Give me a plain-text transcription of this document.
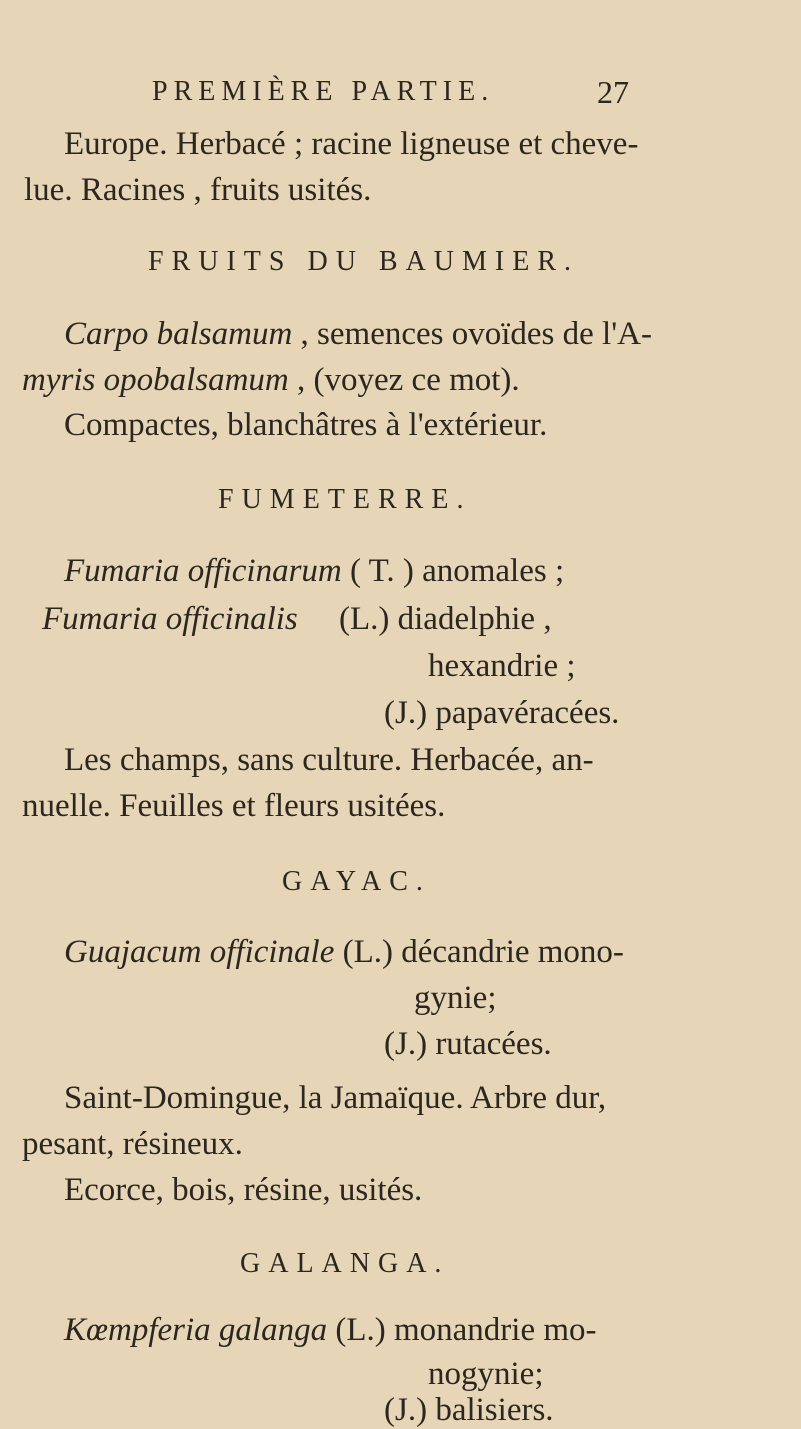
PREMIÈRE PARTIE.	27
Europe. Herbacé ; racine ligneuse et cheve-
lue. Racines , fruits usités.
FRUITS DU BAUMIER.
Carpo balsamum , semences ovoïdes de l'A-
myris opobalsamum , (voyez ce mot).
Compactes, blanchâtres à l'extérieur.
FUMETERRE.
Fumaria officinarum ( T. ) anomales ;
Fumaria officinalis (L.) diadelphie ,
hexandrie ;
(J.) papavéracées.
Les champs, sans culture. Herbacée, an-
nuelle. Feuilles et fleurs usitées.
GAYAC.
Guajacum officinale (L.) décandrie mono-
gynie;
(J.) rutacées.
Saint-Domingue, la Jamaïque. Arbre dur,
pesant, résineux.
Ecorce, bois, résine, usités.
GALANGA.
Kœmpferia galanga (L.) monandrie mo-
nogynie;
(J.) balisiers.
